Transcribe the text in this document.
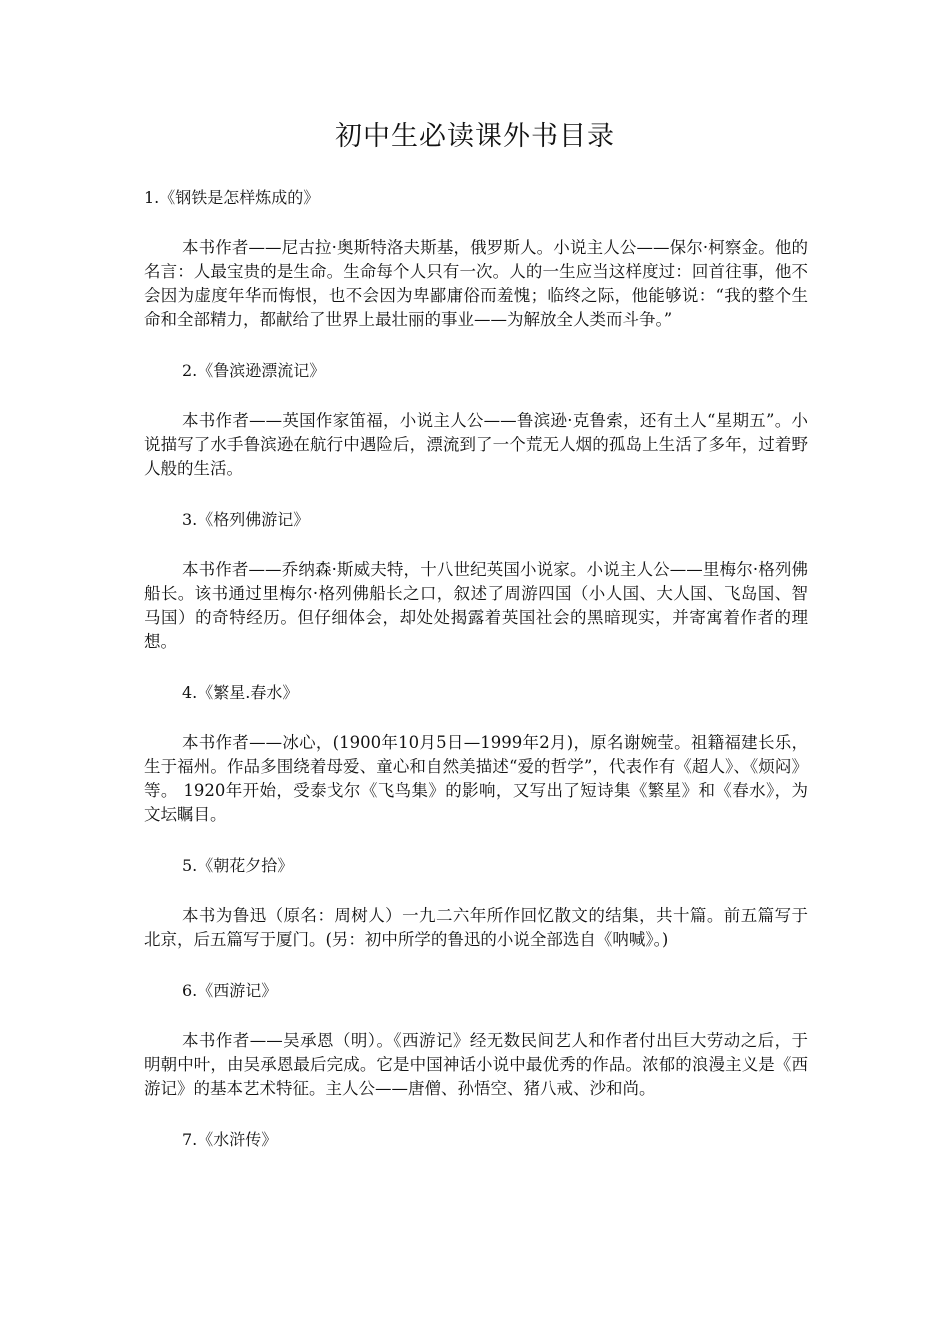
初中生必读课外书目录

1.《钢铁是怎样炼成的》

本书作者——尼古拉·奥斯特洛夫斯基，俄罗斯人。小说主人公——保尔·柯察金。他的名言：人最宝贵的是生命。生命每个人只有一次。人的一生应当这样度过：回首往事，他不会因为虚度年华而悔恨，也不会因为卑鄙庸俗而羞愧；临终之际，他能够说：“我的整个生命和全部精力，都献给了世界上最壮丽的事业——为解放全人类而斗争。”

2.《鲁滨逊漂流记》

本书作者——英国作家笛福，小说主人公——鲁滨逊·克鲁索，还有土人“星期五”。小说描写了水手鲁滨逊在航行中遇险后，漂流到了一个荒无人烟的孤岛上生活了多年，过着野人般的生活。

3.《格列佛游记》

本书作者——乔纳森·斯威夫特，十八世纪英国小说家。小说主人公——里梅尔·格列佛船长。该书通过里梅尔·格列佛船长之口，叙述了周游四国（小人国、大人国、飞岛国、智马国）的奇特经历。但仔细体会，却处处揭露着英国社会的黑暗现实，并寄寓着作者的理想。

4.《繁星.春水》

本书作者——冰心，(1900年10月5日—1999年2月)，原名谢婉莹。祖籍福建长乐，生于福州。作品多围绕着母爱、童心和自然美描述“爱的哲学”，代表作有《超人》、《烦闷》等。 1920年开始，受泰戈尔《飞鸟集》的影响，又写出了短诗集《繁星》和《春水》，为文坛瞩目。

5.《朝花夕拾》

本书为鲁迅（原名：周树人）一九二六年所作回忆散文的结集，共十篇。前五篇写于北京，后五篇写于厦门。(另：初中所学的鲁迅的小说全部选自《呐喊》。)

6.《西游记》

本书作者——吴承恩（明）。《西游记》经无数民间艺人和作者付出巨大劳动之后，于明朝中叶，由吴承恩最后完成。它是中国神话小说中最优秀的作品。浓郁的浪漫主义是《西游记》的基本艺术特征。主人公——唐僧、孙悟空、猪八戒、沙和尚。

7.《水浒传》
